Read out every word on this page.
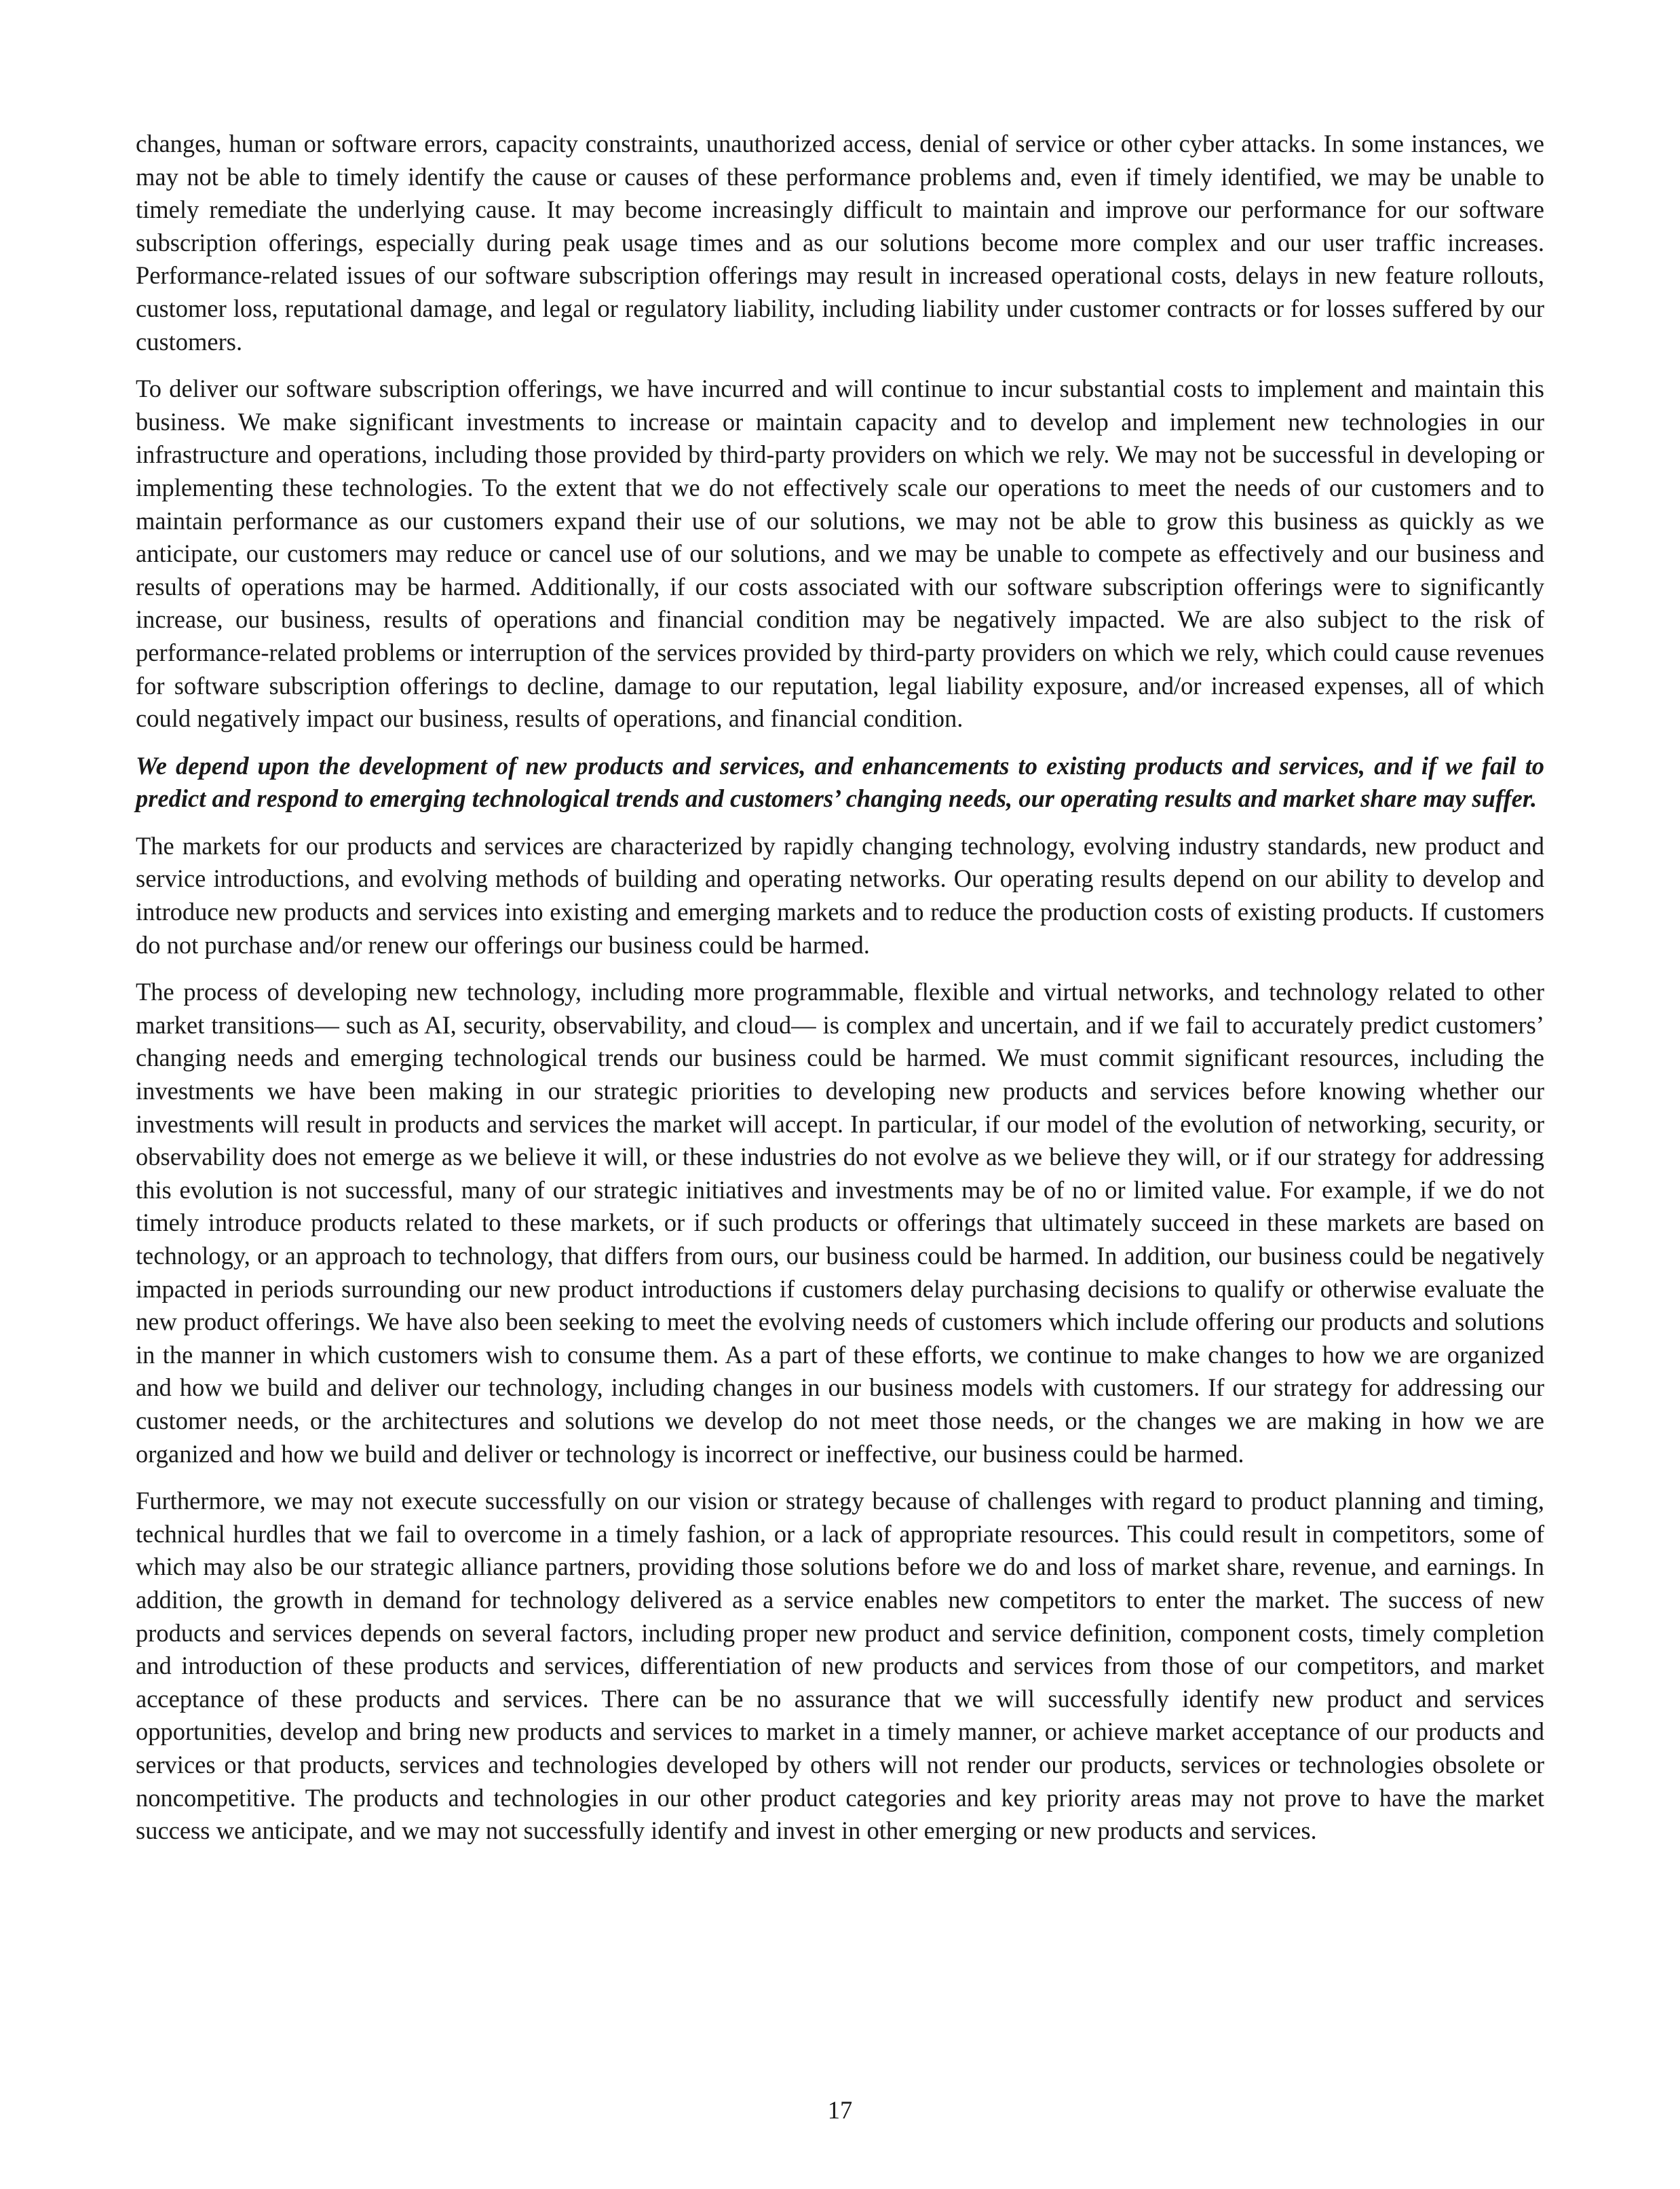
changes, human or software errors, capacity constraints, unauthorized access, denial of service or other cyber attacks. In some instances, we may not be able to timely identify the cause or causes of these performance problems and, even if timely identified, we may be unable to timely remediate the underlying cause. It may become increasingly difficult to maintain and improve our performance for our software subscription offerings, especially during peak usage times and as our solutions become more complex and our user traffic increases. Performance-related issues of our software subscription offerings may result in increased operational costs, delays in new feature rollouts, customer loss, reputational damage, and legal or regulatory liability, including liability under customer contracts or for losses suffered by our customers.

To deliver our software subscription offerings, we have incurred and will continue to incur substantial costs to implement and maintain this business. We make significant investments to increase or maintain capacity and to develop and implement new technologies in our infrastructure and operations, including those provided by third-party providers on which we rely. We may not be successful in developing or implementing these technologies. To the extent that we do not effectively scale our operations to meet the needs of our customers and to maintain performance as our customers expand their use of our solutions, we may not be able to grow this business as quickly as we anticipate, our customers may reduce or cancel use of our solutions, and we may be unable to compete as effectively and our business and results of operations may be harmed. Additionally, if our costs associated with our software subscription offerings were to significantly increase, our business, results of operations and financial condition may be negatively impacted. We are also subject to the risk of performance-related problems or interruption of the services provided by third-party providers on which we rely, which could cause revenues for software subscription offerings to decline, damage to our reputation, legal liability exposure, and/or increased expenses, all of which could negatively impact our business, results of operations, and financial condition.

We depend upon the development of new products and services, and enhancements to existing products and services, and if we fail to predict and respond to emerging technological trends and customers’ changing needs, our operating results and market share may suffer.

The markets for our products and services are characterized by rapidly changing technology, evolving industry standards, new product and service introductions, and evolving methods of building and operating networks. Our operating results depend on our ability to develop and introduce new products and services into existing and emerging markets and to reduce the production costs of existing products. If customers do not purchase and/or renew our offerings our business could be harmed.

The process of developing new technology, including more programmable, flexible and virtual networks, and technology related to other market transitions— such as AI, security, observability, and cloud— is complex and uncertain, and if we fail to accurately predict customers’ changing needs and emerging technological trends our business could be harmed. We must commit significant resources, including the investments we have been making in our strategic priorities to developing new products and services before knowing whether our investments will result in products and services the market will accept. In particular, if our model of the evolution of networking, security, or observability does not emerge as we believe it will, or these industries do not evolve as we believe they will, or if our strategy for addressing this evolution is not successful, many of our strategic initiatives and investments may be of no or limited value. For example, if we do not timely introduce products related to these markets, or if such products or offerings that ultimately succeed in these markets are based on technology, or an approach to technology, that differs from ours, our business could be harmed. In addition, our business could be negatively impacted in periods surrounding our new product introductions if customers delay purchasing decisions to qualify or otherwise evaluate the new product offerings. We have also been seeking to meet the evolving needs of customers which include offering our products and solutions in the manner in which customers wish to consume them. As a part of these efforts, we continue to make changes to how we are organized and how we build and deliver our technology, including changes in our business models with customers. If our strategy for addressing our customer needs, or the architectures and solutions we develop do not meet those needs, or the changes we are making in how we are organized and how we build and deliver or technology is incorrect or ineffective, our business could be harmed.

Furthermore, we may not execute successfully on our vision or strategy because of challenges with regard to product planning and timing, technical hurdles that we fail to overcome in a timely fashion, or a lack of appropriate resources. This could result in competitors, some of which may also be our strategic alliance partners, providing those solutions before we do and loss of market share, revenue, and earnings. In addition, the growth in demand for technology delivered as a service enables new competitors to enter the market. The success of new products and services depends on several factors, including proper new product and service definition, component costs, timely completion and introduction of these products and services, differentiation of new products and services from those of our competitors, and market acceptance of these products and services. There can be no assurance that we will successfully identify new product and services opportunities, develop and bring new products and services to market in a timely manner, or achieve market acceptance of our products and services or that products, services and technologies developed by others will not render our products, services or technologies obsolete or noncompetitive. The products and technologies in our other product categories and key priority areas may not prove to have the market success we anticipate, and we may not successfully identify and invest in other emerging or new products and services.

17
